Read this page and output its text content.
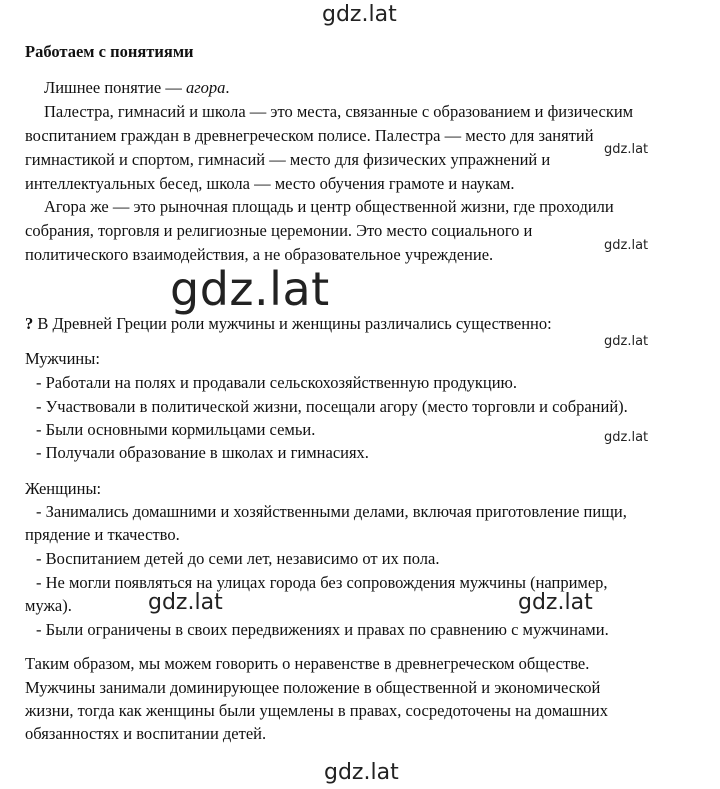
gdz.lat
gdz.lat
gdz.lat
gdz.lat
gdz.lat
Работаем с понятиями
Лишнее понятие — агора.
Палестра, гимнасий и школа — это места, связанные с образованием и физическим
воспитанием граждан в древнегреческом полисе. Палестра — место для занятий
гимнастикой и спортом, гимнасий — место для физических упражнений и
интеллектуальных бесед, школа — место обучения грамоте и наукам.
Агора же — это рыночная площадь и центр общественной жизни, где проходили
собрания, торговля и религиозные церемонии. Это место социального и
политического взаимодействия, а не образовательное учреждение.
? В Древней Греции роли мужчины и женщины различались существенно:
gdz.lat
Мужчины:
- Работали на полях и продавали сельскохозяйственную продукцию.
- Участвовали в политической жизни, посещали агору (место торговли и собраний).
- Были основными кормильцами семьи.
- Получали образование в школах и гимнасиях.
Женщины:
- Занимались домашними и хозяйственными делами, включая приготовление пищи,
прядение и ткачество.
- Воспитанием детей до семи лет, независимо от их пола.
- Не могли появляться на улицах города без сопровождения мужчины (например,
мужа).
- Были ограничены в своих передвижениях и правах по сравнению с мужчинами.
gdz.lat	gdz.lat
Таким образом, мы можем говорить о неравенстве в древнегреческом обществе.
Мужчины занимали доминирующее положение в общественной и экономической
жизни, тогда как женщины были ущемлены в правах, сосредоточены на домашних
обязанностях и воспитании детей.
gdz.lat
